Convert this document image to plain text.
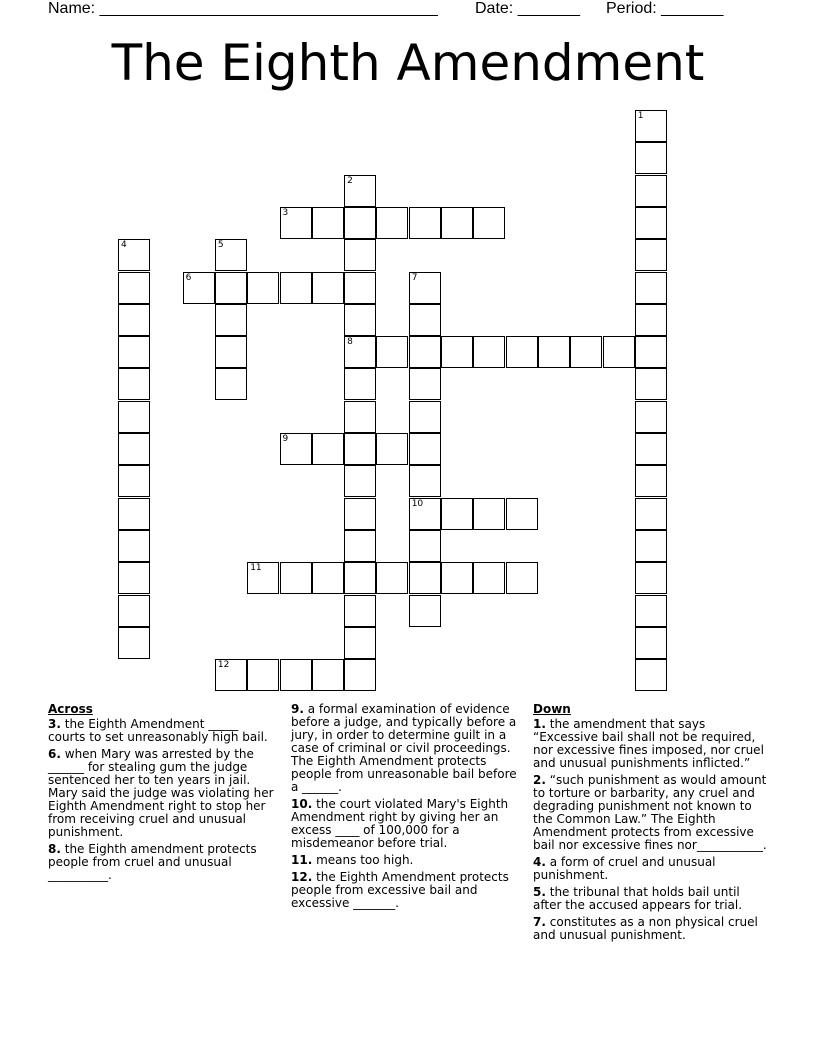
Name: ______________________________________ Date: _______ Period: _______
The Eighth Amendment
1
2
8
3
4	5
6	7
10
9
11
12
Across
3. the Eighth Amendment _____ courts to set unreasonably high bail.
6. when Mary was arrested by the ______ for stealing gum the judge sentenced her to ten years in jail. Mary said the judge was violating her Eighth Amendment right to stop her from receiving cruel and unusual punishment.
8. the Eighth amendment protects people from cruel and unusual __________.
9. a formal examination of evidence before a judge, and typically before a jury, in order to determine guilt in a case of criminal or civil proceedings. The Eighth Amendment protects people from unreasonable bail before a ______.
10. the court violated Mary's Eighth Amendment right by giving her an excess ____ of 100,000 for a misdemeanor before trial.
11. means too high.
12. the Eighth Amendment protects people from excessive bail and excessive _______.
Down
1. the amendment that says “Excessive bail shall not be required, nor excessive fines imposed, nor cruel and unusual punishments inflicted.”
2. “such punishment as would amount to torture or barbarity, any cruel and degrading punishment not known to the Common Law.” The Eighth Amendment protects from excessive bail nor excessive fines nor___________.
4. a form of cruel and unusual punishment.
5. the tribunal that holds bail until after the accused appears for trial.
7. constitutes as a non physical cruel and unusual punishment.
